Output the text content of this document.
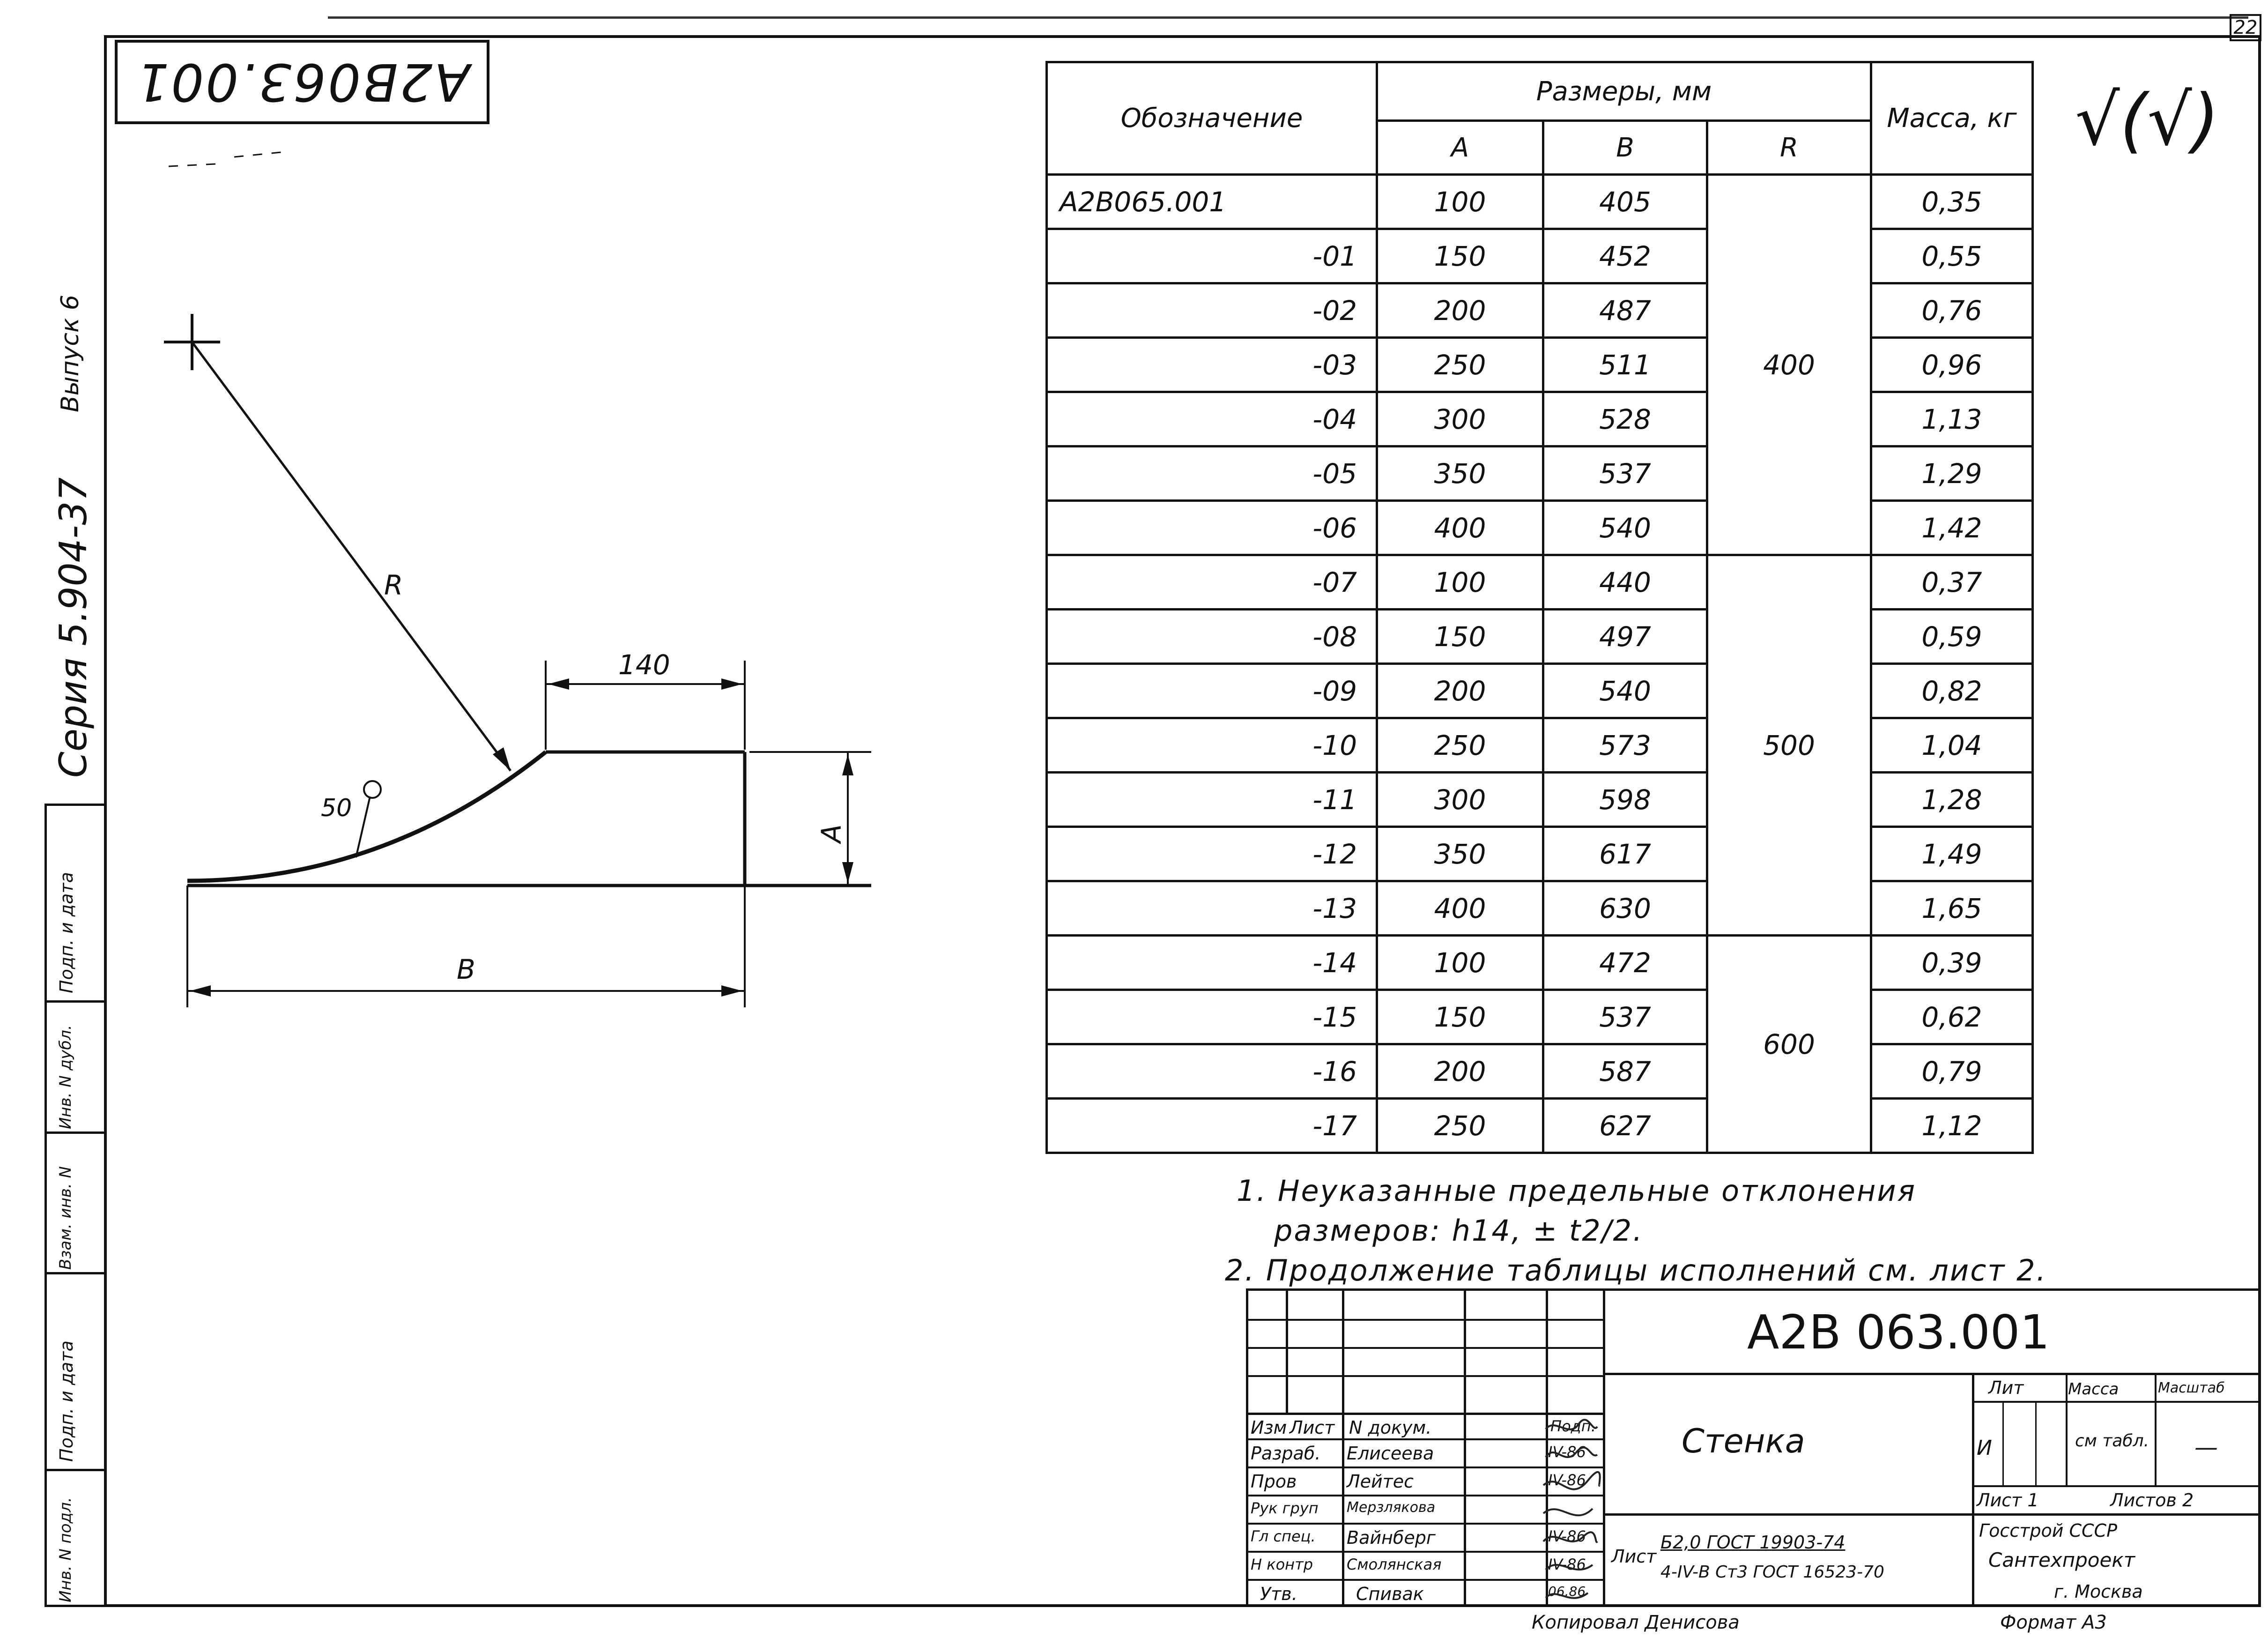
22
A2B063.001	√(√)
Серия 5.904-37
Выпуск 6
Подп. и дата
Инв. N дубл.
Взам. инв. N
Подп. и дата
Инв. N подл.
140
R
A
B
50
Обозначение	Размеры, мм			Масса, кг
	A	B	R	
A2B065.001	100	405	400	0,35
-01	150	452		0,55
-02	200	487		0,76
-03	250	511		0,96
-04	300	528		1,13
-05	350	537		1,29
-06	400	540		1,42
-07	100	440	500	0,37
-08	150	497		0,59
-09	200	540		0,82
-10	250	573		1,04
-11	300	598		1,28
-12	350	617		1,49
-13	400	630		1,65
-14	100	472	600	0,39
-15	150	537		0,62
-16	200	587		0,79
-17	250	627		1,12
1. Неуказанные предельные отклонения
размеров: h14, ± t2/2.
2. Продолжение таблицы исполнений см. лист 2.
Изм Лист N докум.	Подп.
Разраб. Елисеева	IV-86
Пров	Лейтес	IV-86
Рук груп Мерзлякова
Гл спец. Вайнберг	IV-86
Н контр Смолянская	IV-86
Утв.	Спивак	06.86
A2B 063.001
Стенка
Лит	Масса	Масштаб
И	см табл. —
Лист 1	Листов 2
Лист
Б2,0 ГОСТ 19903-74
4-IV-B Ст3 ГОСТ 16523-70
Госстрой СССР
Сантехпроект
г. Москва
Копировал Денисова	Формат А3
